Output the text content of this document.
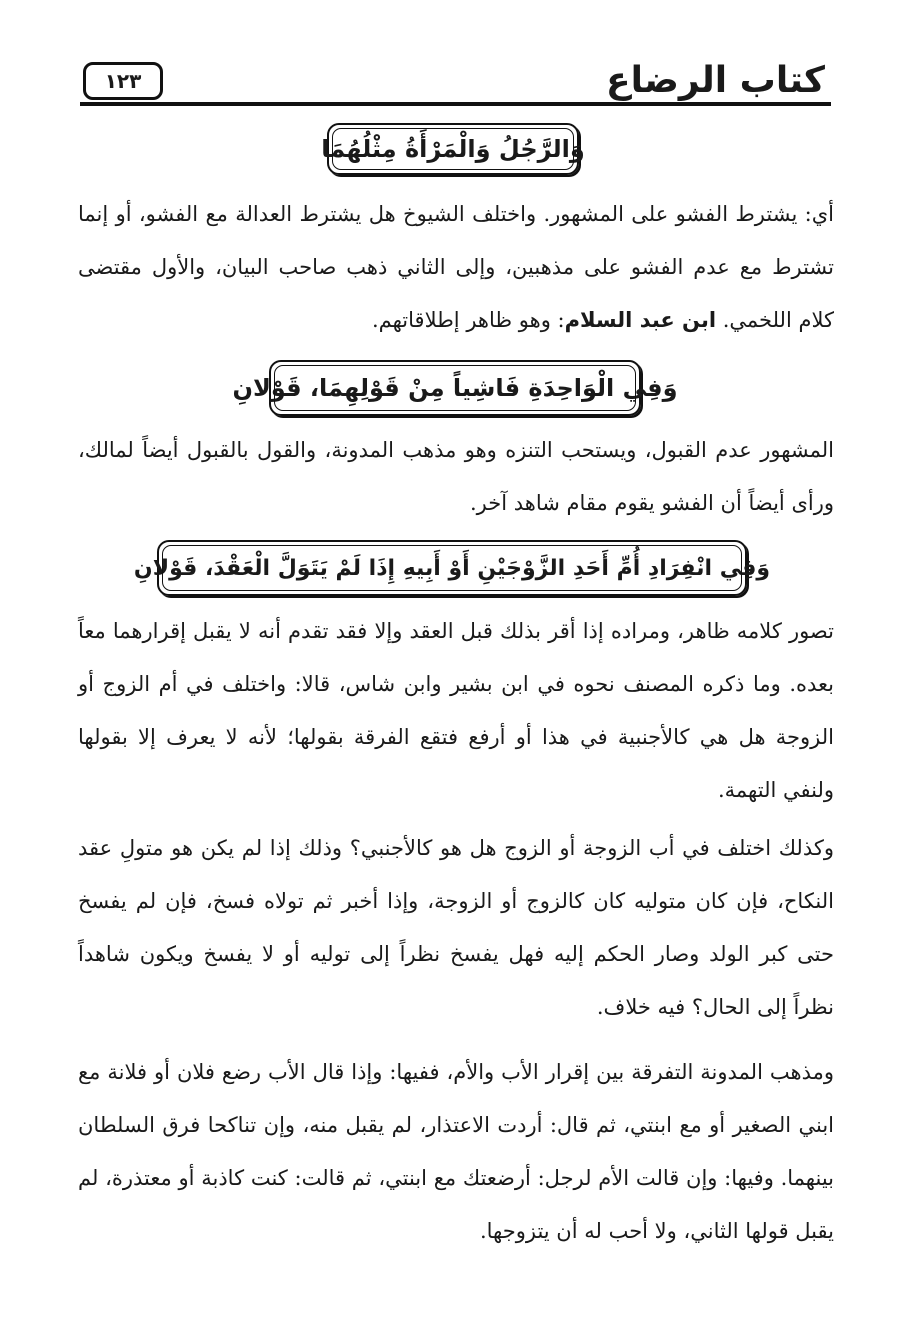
كتاب الرضاع
١٢٣
وَالرَّجُلُ وَالْمَرْأَةُ مِثْلُهُمَا
أي: يشترط الفشو على المشهور. واختلف الشيوخ هل يشترط العدالة مع الفشو، أو إنما تشترط مع عدم الفشو على مذهبين، وإلى الثاني ذهب صاحب البيان، والأول مقتضى كلام اللخمي. ابن عبد السلام: وهو ظاهر إطلاقاتهم.
وَفِي الْوَاحِدَةِ فَاشِياً مِنْ قَوْلِهِمَا، قَوْلانِ
المشهور عدم القبول، ويستحب التنزه وهو مذهب المدونة، والقول بالقبول أيضاً لمالك، ورأى أيضاً أن الفشو يقوم مقام شاهد آخر.
وَفِي انْفِرَادِ أُمِّ أَحَدِ الزَّوْجَيْنِ أَوْ أَبِيهِ إِذَا لَمْ يَتَوَلَّ الْعَقْدَ، قَوْلانِ
تصور كلامه ظاهر، ومراده إذا أقر بذلك قبل العقد وإلا فقد تقدم أنه لا يقبل إقرارهما معاً بعده. وما ذكره المصنف نحوه في ابن بشير وابن شاس، قالا: واختلف في أم الزوج أو الزوجة هل هي كالأجنبية في هذا أو أرفع فتقع الفرقة بقولها؛ لأنه لا يعرف إلا بقولها ولنفي التهمة.
وكذلك اختلف في أب الزوجة أو الزوج هل هو كالأجنبي؟ وذلك إذا لم يكن هو متولِ عقد النكاح، فإن كان متوليه كان كالزوج أو الزوجة، وإذا أخبر ثم تولاه فسخ، فإن لم يفسخ حتى كبر الولد وصار الحكم إليه فهل يفسخ نظراً إلى توليه أو لا يفسخ ويكون شاهداً نظراً إلى الحال؟ فيه خلاف.
ومذهب المدونة التفرقة بين إقرار الأب والأم، ففيها: وإذا قال الأب رضع فلان أو فلانة مع ابني الصغير أو مع ابنتي، ثم قال: أردت الاعتذار، لم يقبل منه، وإن تناكحا فرق السلطان بينهما. وفيها: وإن قالت الأم لرجل: أرضعتك مع ابنتي، ثم قالت: كنت كاذبة أو معتذرة، لم يقبل قولها الثاني، ولا أحب له أن يتزوجها.
